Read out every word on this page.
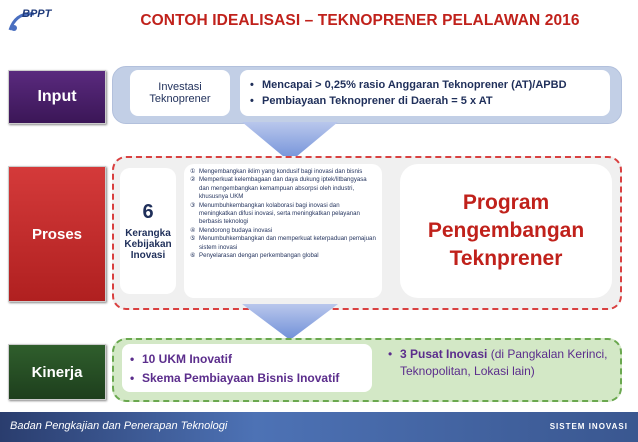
BPPT	CONTOH IDEALISASI – TEKNOPRENER PELALAWAN 2016
Input
Investasi
Teknoprener
• Mencapai > 0,25% rasio Anggaran Teknoprener (AT)/APBD
• Pembiayaan Teknoprener di Daerah = 5 x AT
Proses
6
Kerangka
Kebijakan
Inovasi
① Mengembangkan iklim yang kondusif bagi inovasi dan bisnis
② Memperkuat kelembagaan dan daya dukung iptek/litbangyasa dan mengembangkan kemampuan absorpsi oleh industri, khususnya UKM
③ Menumbuhkembangkan kolaborasi bagi inovasi dan meningkatkan difusi inovasi, serta meningkatkan pelayanan berbasis teknologi
④ Mendorong budaya inovasi
⑤ Menumbuhkembangkan dan memperkuat keterpaduan pemajuan sistem inovasi
⑥ Penyelarasan dengan perkembangan global
Program
Pengembangan
Teknprener
Kinerja
• 10 UKM Inovatif
• Skema Pembiayaan Bisnis Inovatif
• 3 Pusat Inovasi (di Pangkalan Kerinci, Teknopolitan, Lokasi lain)
Badan Pengkajian dan Penerapan Teknologi	SISTEM INOVASI
